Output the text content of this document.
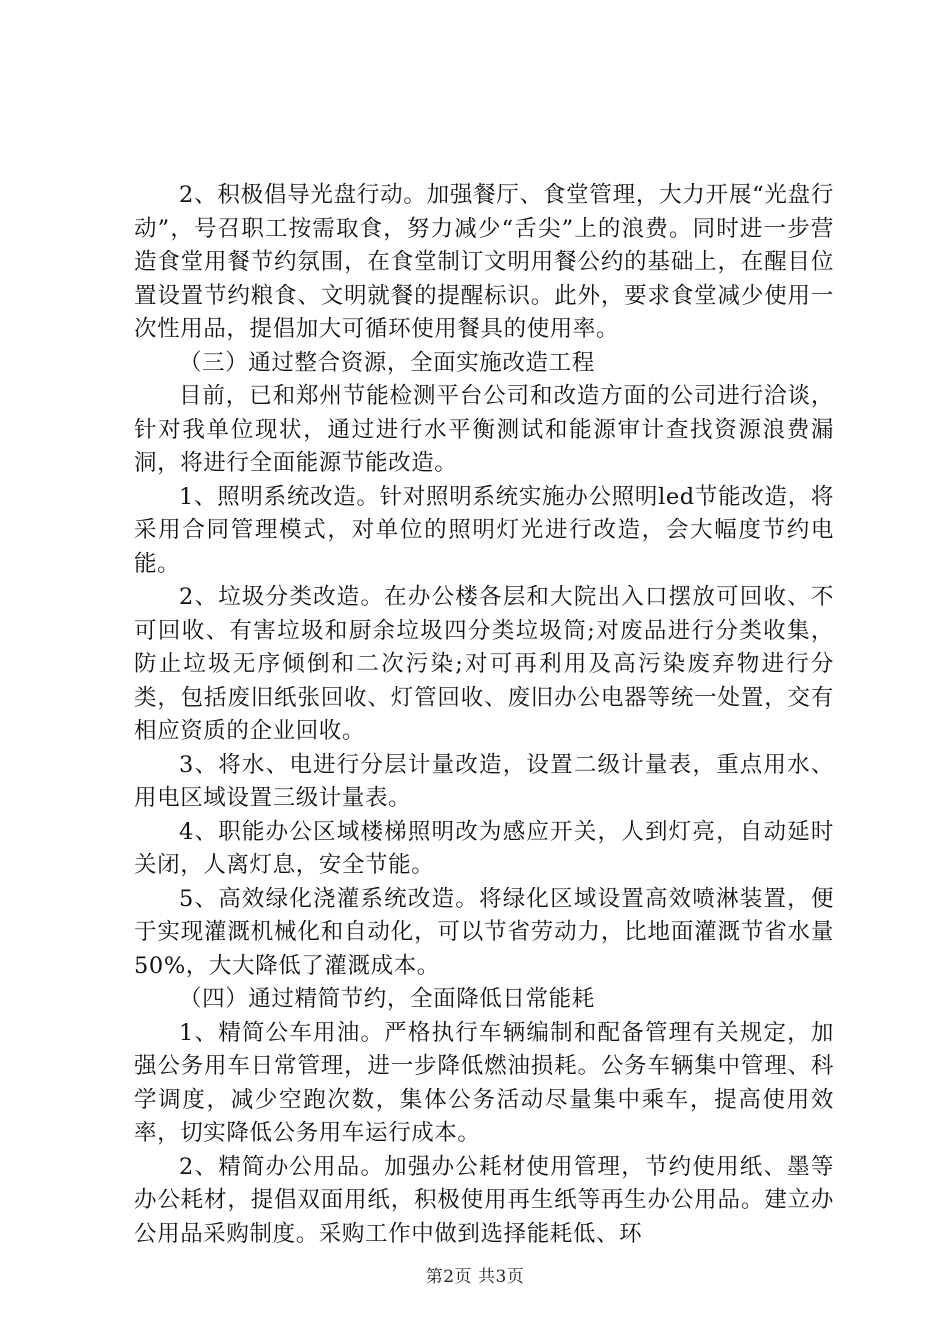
2、积极倡导光盘行动。加强餐厅、食堂管理，大力开展“光盘行动”，号召职工按需取食，努力减少“舌尖”上的浪费。同时进一步营造食堂用餐节约氛围，在食堂制订文明用餐公约的基础上，在醒目位置设置节约粮食、文明就餐的提醒标识。此外，要求食堂减少使用一次性用品，提倡加大可循环使用餐具的使用率。

（三）通过整合资源，全面实施改造工程

目前，已和郑州节能检测平台公司和改造方面的公司进行洽谈，针对我单位现状，通过进行水平衡测试和能源审计查找资源浪费漏洞，将进行全面能源节能改造。

1、照明系统改造。针对照明系统实施办公照明led节能改造，将采用合同管理模式，对单位的照明灯光进行改造，会大幅度节约电能。

2、垃圾分类改造。在办公楼各层和大院出入口摆放可回收、不可回收、有害垃圾和厨余垃圾四分类垃圾筒;对废品进行分类收集，防止垃圾无序倾倒和二次污染;对可再利用及高污染废弃物进行分类，包括废旧纸张回收、灯管回收、废旧办公电器等统一处置，交有相应资质的企业回收。

3、将水、电进行分层计量改造，设置二级计量表，重点用水、用电区域设置三级计量表。

4、职能办公区域楼梯照明改为感应开关，人到灯亮，自动延时关闭，人离灯息，安全节能。

5、高效绿化浇灌系统改造。将绿化区域设置高效喷淋装置，便于实现灌溉机械化和自动化，可以节省劳动力，比地面灌溉节省水量50%，大大降低了灌溉成本。

（四）通过精简节约，全面降低日常能耗

1、精简公车用油。严格执行车辆编制和配备管理有关规定，加强公务用车日常管理，进一步降低燃油损耗。公务车辆集中管理、科学调度，减少空跑次数，集体公务活动尽量集中乘车，提高使用效率，切实降低公务用车运行成本。

2、精简办公用品。加强办公耗材使用管理，节约使用纸、墨等办公耗材，提倡双面用纸，积极使用再生纸等再生办公用品。建立办公用品采购制度。采购工作中做到选择能耗低、环

第2页 共3页
